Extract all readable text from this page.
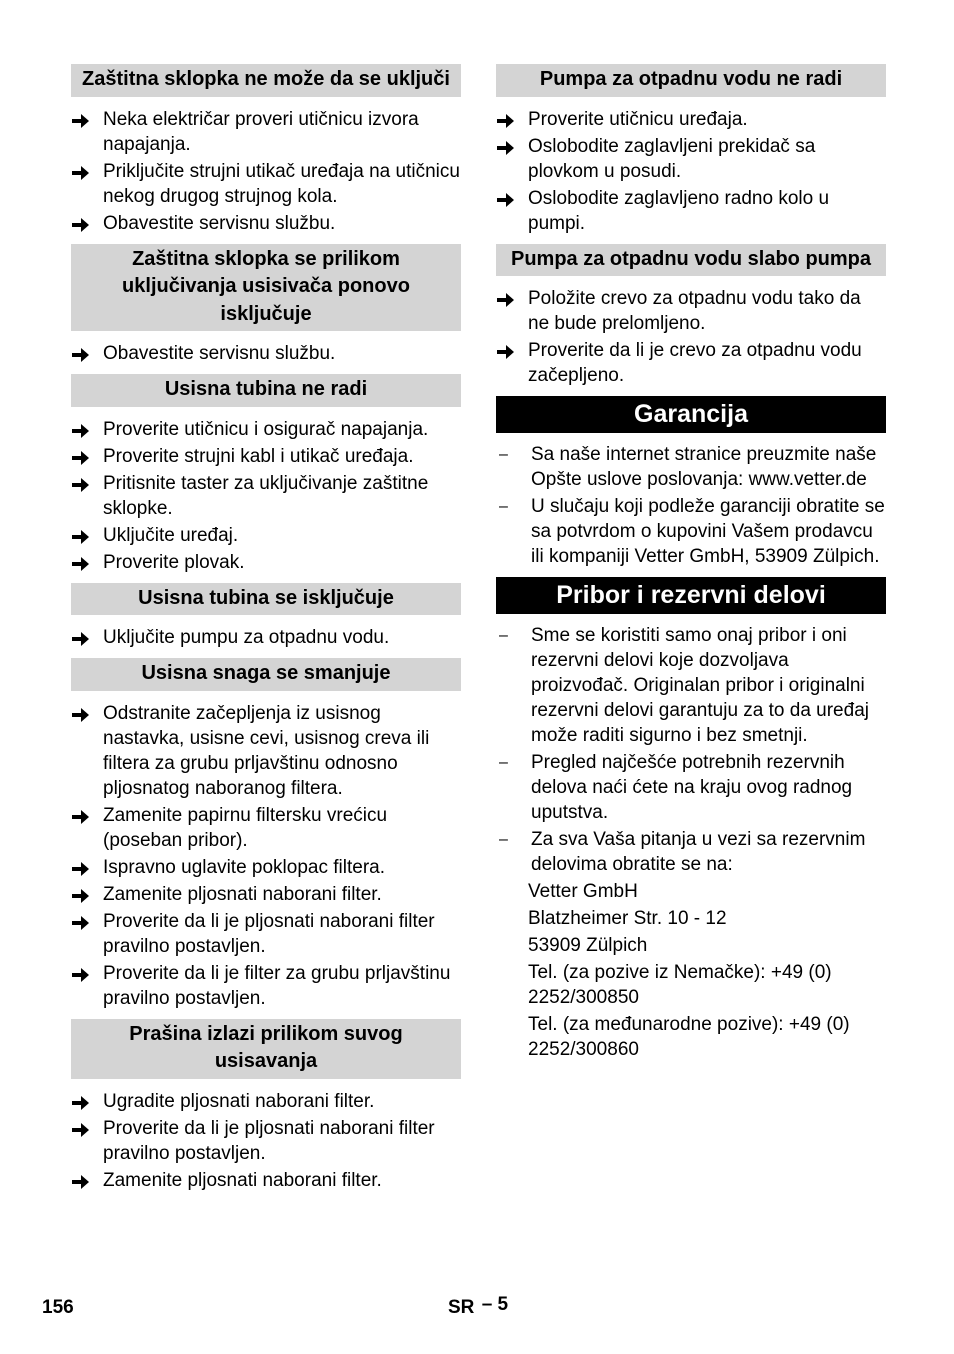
Zaštitna sklopka ne može da se uključi
Neka električar proveri utičnicu izvora napajanja.
Priključite strujni utikač uređaja na utičnicu nekog drugog strujnog kola.
Obavestite servisnu službu.
Zaštitna sklopka se prilikom uključivanja usisivača ponovo isključuje
Obavestite servisnu službu.
Usisna tubina ne radi
Proverite utičnicu i osigurač napajanja.
Proverite strujni kabl i utikač uređaja.
Pritisnite taster za uključivanje zaštitne sklopke.
Uključite uređaj.
Proverite plovak.
Usisna tubina se isključuje
Uključite pumpu za otpadnu vodu.
Usisna snaga se smanjuje
Odstranite začepljenja iz usisnog nastavka, usisne cevi, usisnog creva ili filtera za grubu prljavštinu odnosno pljosnatog naboranog filtera.
Zamenite papirnu filtersku vrećicu (poseban pribor).
Ispravno uglavite poklopac filtera.
Zamenite pljosnati naborani filter.
Proverite da li je pljosnati naborani filter pravilno postavljen.
Proverite da li je filter za grubu prljavštinu pravilno postavljen.
Prašina izlazi prilikom suvog usisavanja
Ugradite pljosnati naborani filter.
Proverite da li je pljosnati naborani filter pravilno postavljen.
Zamenite pljosnati naborani filter.
Pumpa za otpadnu vodu ne radi
Proverite utičnicu uređaja.
Oslobodite zaglavljeni prekidač sa plovkom u posudi.
Oslobodite zaglavljeno radno kolo u pumpi.
Pumpa za otpadnu vodu slabo pumpa
Položite crevo za otpadnu vodu tako da ne bude prelomljeno.
Proverite da li je crevo za otpadnu vodu začepljeno.
Garancija
–	Sa naše internet stranice preuzmite naše Opšte uslove poslovanja: www.vetter.de
–	U slučaju koji podleže garanciji obratite se sa potvrdom o kupovini Vašem prodavcu ili kompaniji Vetter GmbH, 53909 Zülpich.
Pribor i rezervni delovi
–	Sme se koristiti samo onaj pribor i oni rezervni delovi koje dozvoljava proizvođač. Originalan pribor i originalni rezervni delovi garantuju za to da uređaj može raditi sigurno i bez smetnji.
–	Pregled najčešće potrebnih rezervnih delova naći ćete na kraju ovog radnog uputstva.
–	Za sva Vaša pitanja u vezi sa rezervnim delovima obratite se na:
Vetter GmbH
Blatzheimer Str. 10 - 12
53909 Zülpich
Tel. (za pozive iz Nemačke): +49 (0) 2252/300850
Tel. (za međunarodne pozive): +49 (0) 2252/300860
156	SR – 5
